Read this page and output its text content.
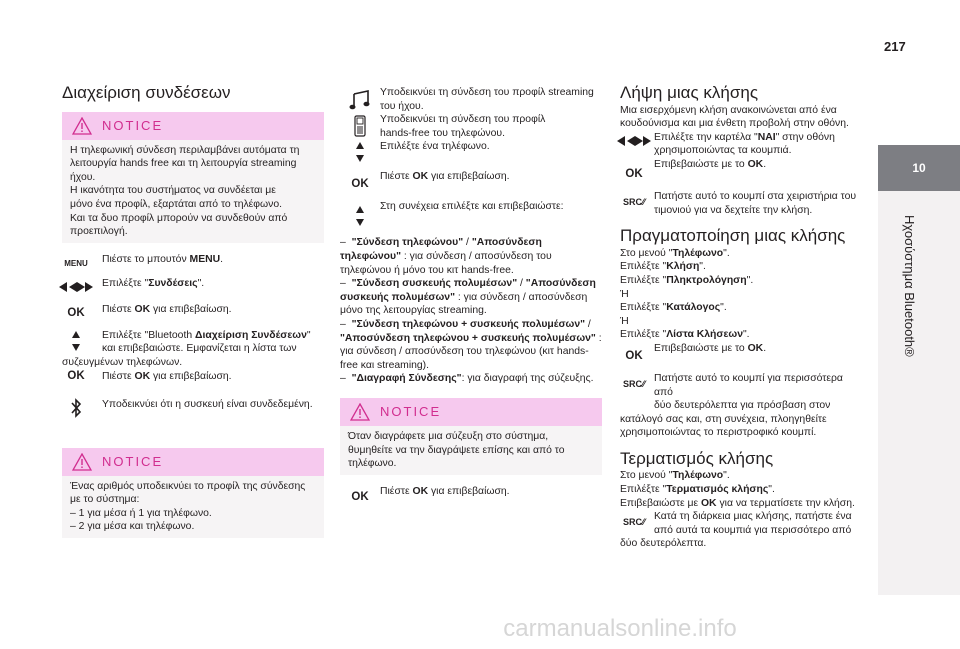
217
10
Ηχοσύστημα Bluetooth®
Διαχείριση συνδέσεων
NOTICE

Η τηλεφωνική σύνδεση περιλαμβάνει αυτόματα τη

λειτουργία hands free και τη λειτουργία streaming

ήχου.

Η ικανότητα του συστήματος να συνδέεται με

μόνο ένα προφίλ, εξαρτάται από το τηλέφωνο.

Και τα δυο προφίλ μπορούν να συνδεθούν από

προεπιλογή.

MENU Πιέστε το μπουτόν MENU.
Επιλέξτε "Συνδέσεις".
OK Πιέστε OK για επιβεβαίωση.
Επιλέξτε "Bluetooth Διαχείριση Συνδέσεων"
και επιβεβαιώστε. Εμφανίζεται η λίστα των

συζευγμένων τηλεφώνων.

OK Πιέστε OK για επιβεβαίωση.
Υποδεικνύει ότι η συσκευή είναι συνδεδεμένη.
NOTICE

Ένας αριθμός υποδεικνύει το προφίλ της σύνδεσης

με το σύστημα:

– 1 για μέσα ή 1 για τηλέφωνο.

– 2 για μέσα και τηλέφωνο.

Υποδεικνύει τη σύνδεση του προφίλ streaming

του ήχου.

Υποδεικνύει τη σύνδεση του προφίλ

hands-free του τηλεφώνου.

Επιλέξτε ένα τηλέφωνο.

OK
Πιέστε OK για επιβεβαίωση.

Στη συνέχεια επιλέξτε και επιβεβαιώστε:

–  "Σύνδεση τηλεφώνου" / "Αποσύνδεση τηλεφώνου" : για σύνδεση / αποσύνδεση του τηλεφώνου ή μόνο του κιτ hands-free.

–  "Σύνδεση συσκευής πολυμέσων" / "Αποσύνδεση συσκευής πολυμέσων" : για σύνδεση / αποσύνδεση μόνο της λειτουργίας streaming.

–  "Σύνδεση τηλεφώνου + συσκευής πολυμέσων" / "Αποσύνδεση τηλεφώνου + συσκευής πολυμέσων" : για σύνδεση / αποσύνδεση του τηλεφώνου (κιτ hands-free και streaming).

–  "Διαγραφή Σύνδεσης": για διαγραφή της σύζευξης.

NOTICE

Όταν διαγράφετε μια σύζευξη στο σύστημα,

θυμηθείτε να την διαγράψετε επίσης και από το

τηλέφωνο.

OK Πιέστε OK για επιβεβαίωση.
Λήψη μιας κλήσης

Μια εισερχόμενη κλήση ανακοινώνεται από ένα

κουδούνισμα και μια ένθετη προβολή στην οθόνη.

Επιλέξτε την καρτέλα "NAI" στην οθόνη
χρησιμοποιώντας τα κουμπιά.
OK
Επιβεβαιώστε με το OK.
SRC⁄⁄ Πατήστε αυτό το κουμπί στα χειριστήρια του

τιμονιού για να δεχτείτε την κλήση.

Πραγματοποίηση μιας κλήσης

Στο μενού "Τηλέφωνο".

Επιλέξτε "Κλήση".

Επιλέξτε "Πληκτρολόγηση".

Ή

Επιλέξτε "Κατάλογος".

Ή

Επιλέξτε "Λίστα Κλήσεων".

OK
Επιβεβαιώστε με το OK.
SRC⁄⁄ Πατήστε αυτό το κουμπί για περισσότερα από

δύο δευτερόλεπτα για πρόσβαση στον

κατάλογό σας και, στη συνέχεια, πλοηγηθείτε

χρησιμοποιώντας το περιστροφικό κουμπί.

Τερματισμός κλήσης

Στο μενού "Τηλέφωνο".

Επιλέξτε "Τερματισμός κλήσης".

Επιβεβαιώστε με OK για να τερματίσετε την κλήση.

SRC⁄⁄ Κατά τη διάρκεια μιας κλήσης, πατήστε ένα

από αυτά τα κουμπιά για περισσότερο από

δύο δευτερόλεπτα.

carmanualsonline.info
